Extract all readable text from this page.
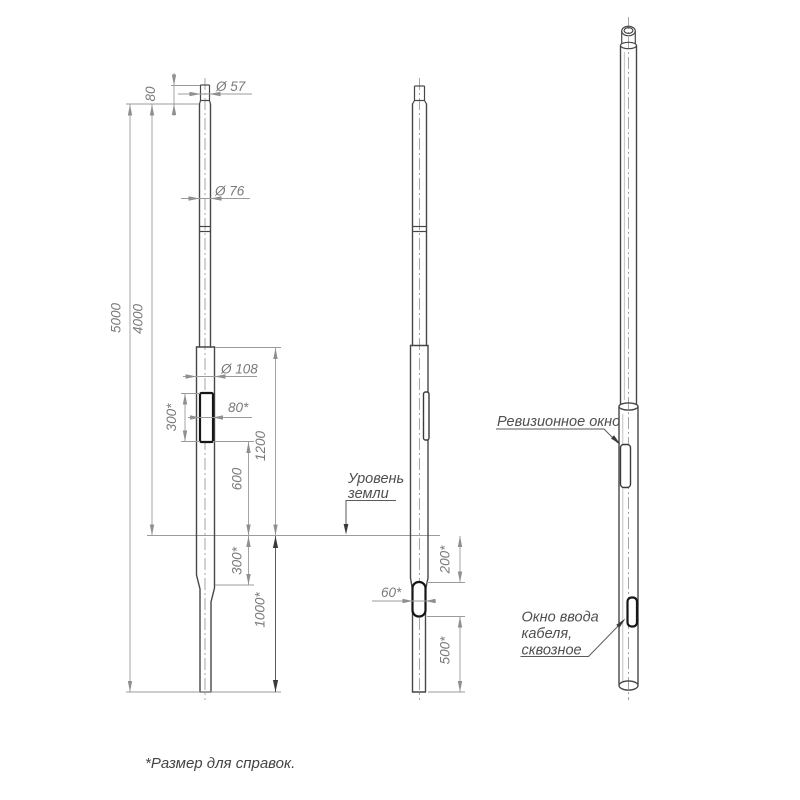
80	Ø 57
Ø 76
Ø 108
5000 4000
300*	80*
1200
600
300*
1000*
Уровень
земли
200*
60*
500*
Ревизионное окно
Окно ввода
кабеля,
сквозное
*Размер для справок.
